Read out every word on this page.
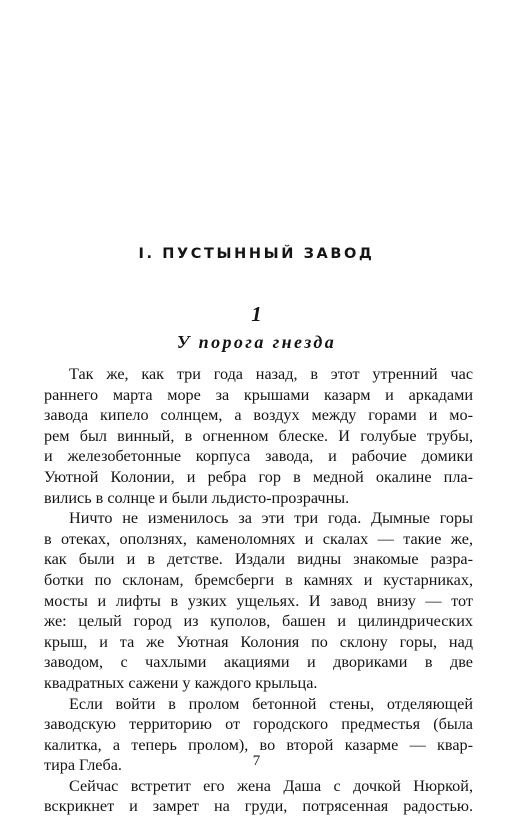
I. ПУСТЫННЫЙ ЗАВОД
1
У порога гнезда
Так же, как три года назад, в этот утренний час
раннего марта море за крышами казарм и аркадами
завода кипело солнцем, а воздух между горами и мо-
рем был винный, в огненном блеске. И голубые трубы,
и железобетонные корпуса завода, и рабочие домики
Уютной Колонии, и ребра гор в медной окалине пла-
вились в солнце и были льдисто-прозрачны.
Ничто не изменилось за эти три года. Дымные горы
в отеках, оползнях, каменоломнях и скалах — такие же,
как были и в детстве. Издали видны знакомые разра-
ботки по склонам, бремсберги в камнях и кустарниках,
мосты и лифты в узких ущельях. И завод внизу — тот
же: целый город из куполов, башен и цилиндрических
крыш, и та же Уютная Колония по склону горы, над
заводом, с чахлыми акациями и двориками в две
квадратных сажени у каждого крыльца.
Если войти в пролом бетонной стены, отделяющей
заводскую территорию от городского предместья (была
калитка, а теперь пролом), во второй казарме — квар-
тира Глеба.
Сейчас встретит его жена Даша с дочкой Нюркой,
вскрикнет и замрет на груди, потрясенная радостью.
7
